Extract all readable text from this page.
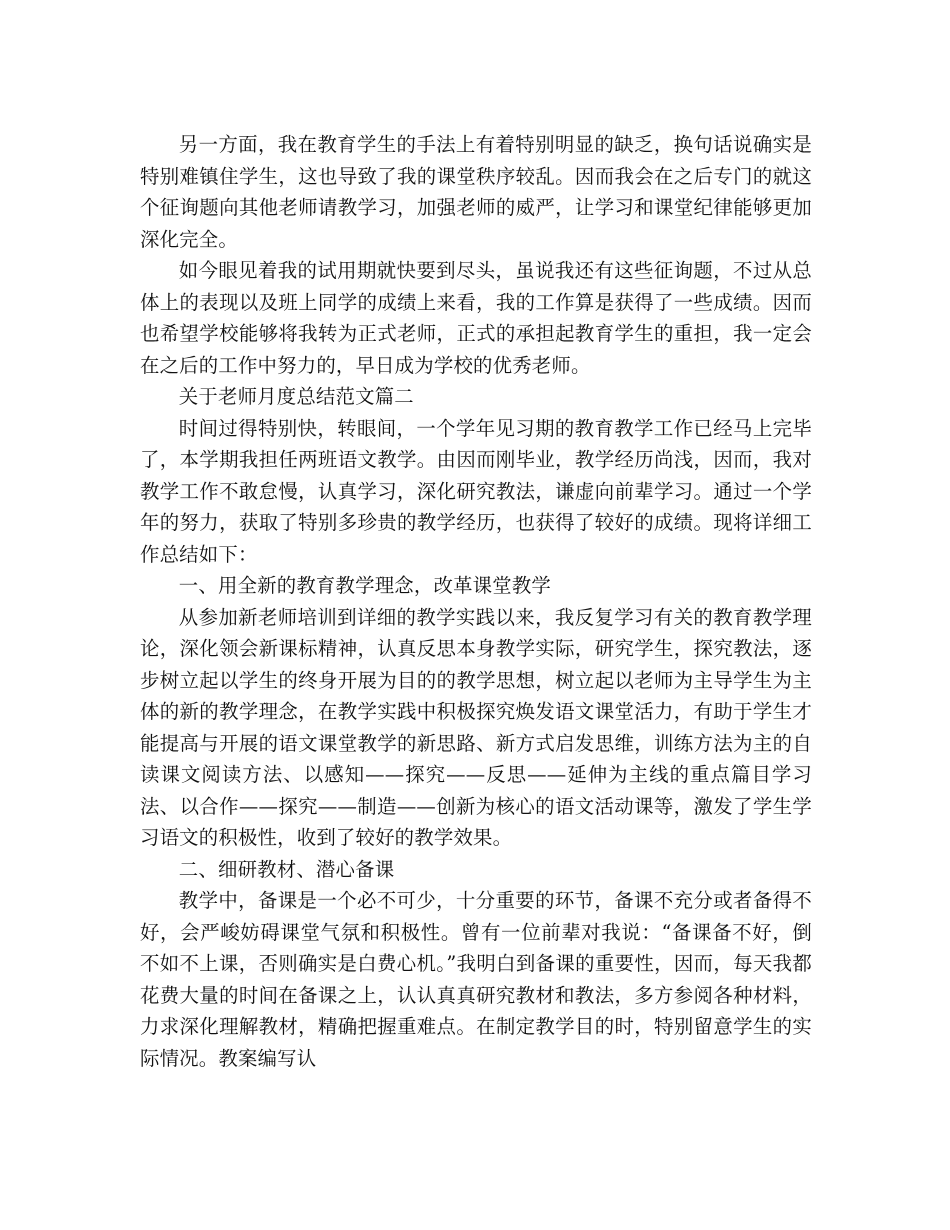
另一方面，我在教育学生的手法上有着特别明显的缺乏，换句话说确实是特别难镇住学生，这也导致了我的课堂秩序较乱。因而我会在之后专门的就这个征询题向其他老师请教学习，加强老师的威严，让学习和课堂纪律能够更加深化完全。

如今眼见着我的试用期就快要到尽头，虽说我还有这些征询题，不过从总体上的表现以及班上同学的成绩上来看，我的工作算是获得了一些成绩。因而也希望学校能够将我转为正式老师，正式的承担起教育学生的重担，我一定会在之后的工作中努力的，早日成为学校的优秀老师。

关于老师月度总结范文篇二

时间过得特别快，转眼间，一个学年见习期的教育教学工作已经马上完毕了，本学期我担任两班语文教学。由因而刚毕业，教学经历尚浅，因而，我对教学工作不敢怠慢，认真学习，深化研究教法，谦虚向前辈学习。通过一个学年的努力，获取了特别多珍贵的教学经历，也获得了较好的成绩。现将详细工作总结如下：

一、用全新的教育教学理念，改革课堂教学

从参加新老师培训到详细的教学实践以来，我反复学习有关的教育教学理论，深化领会新课标精神，认真反思本身教学实际，研究学生，探究教法，逐步树立起以学生的终身开展为目的的教学思想，树立起以老师为主导学生为主体的新的教学理念，在教学实践中积极探究焕发语文课堂活力，有助于学生才能提高与开展的语文课堂教学的新思路、新方式启发思维，训练方法为主的自读课文阅读方法、以感知——探究——反思——延伸为主线的重点篇目学习法、以合作——探究——制造——创新为核心的语文活动课等，激发了学生学习语文的积极性，收到了较好的教学效果。

二、细研教材、潜心备课

教学中，备课是一个必不可少，十分重要的环节，备课不充分或者备得不好，会严峻妨碍课堂气氛和积极性。曾有一位前辈对我说：“备课备不好，倒不如不上课，否则确实是白费心机。”我明白到备课的重要性，因而，每天我都花费大量的时间在备课之上，认认真真研究教材和教法，多方参阅各种材料，力求深化理解教材，精确把握重难点。在制定教学目的时，特别留意学生的实际情况。教案编写认
